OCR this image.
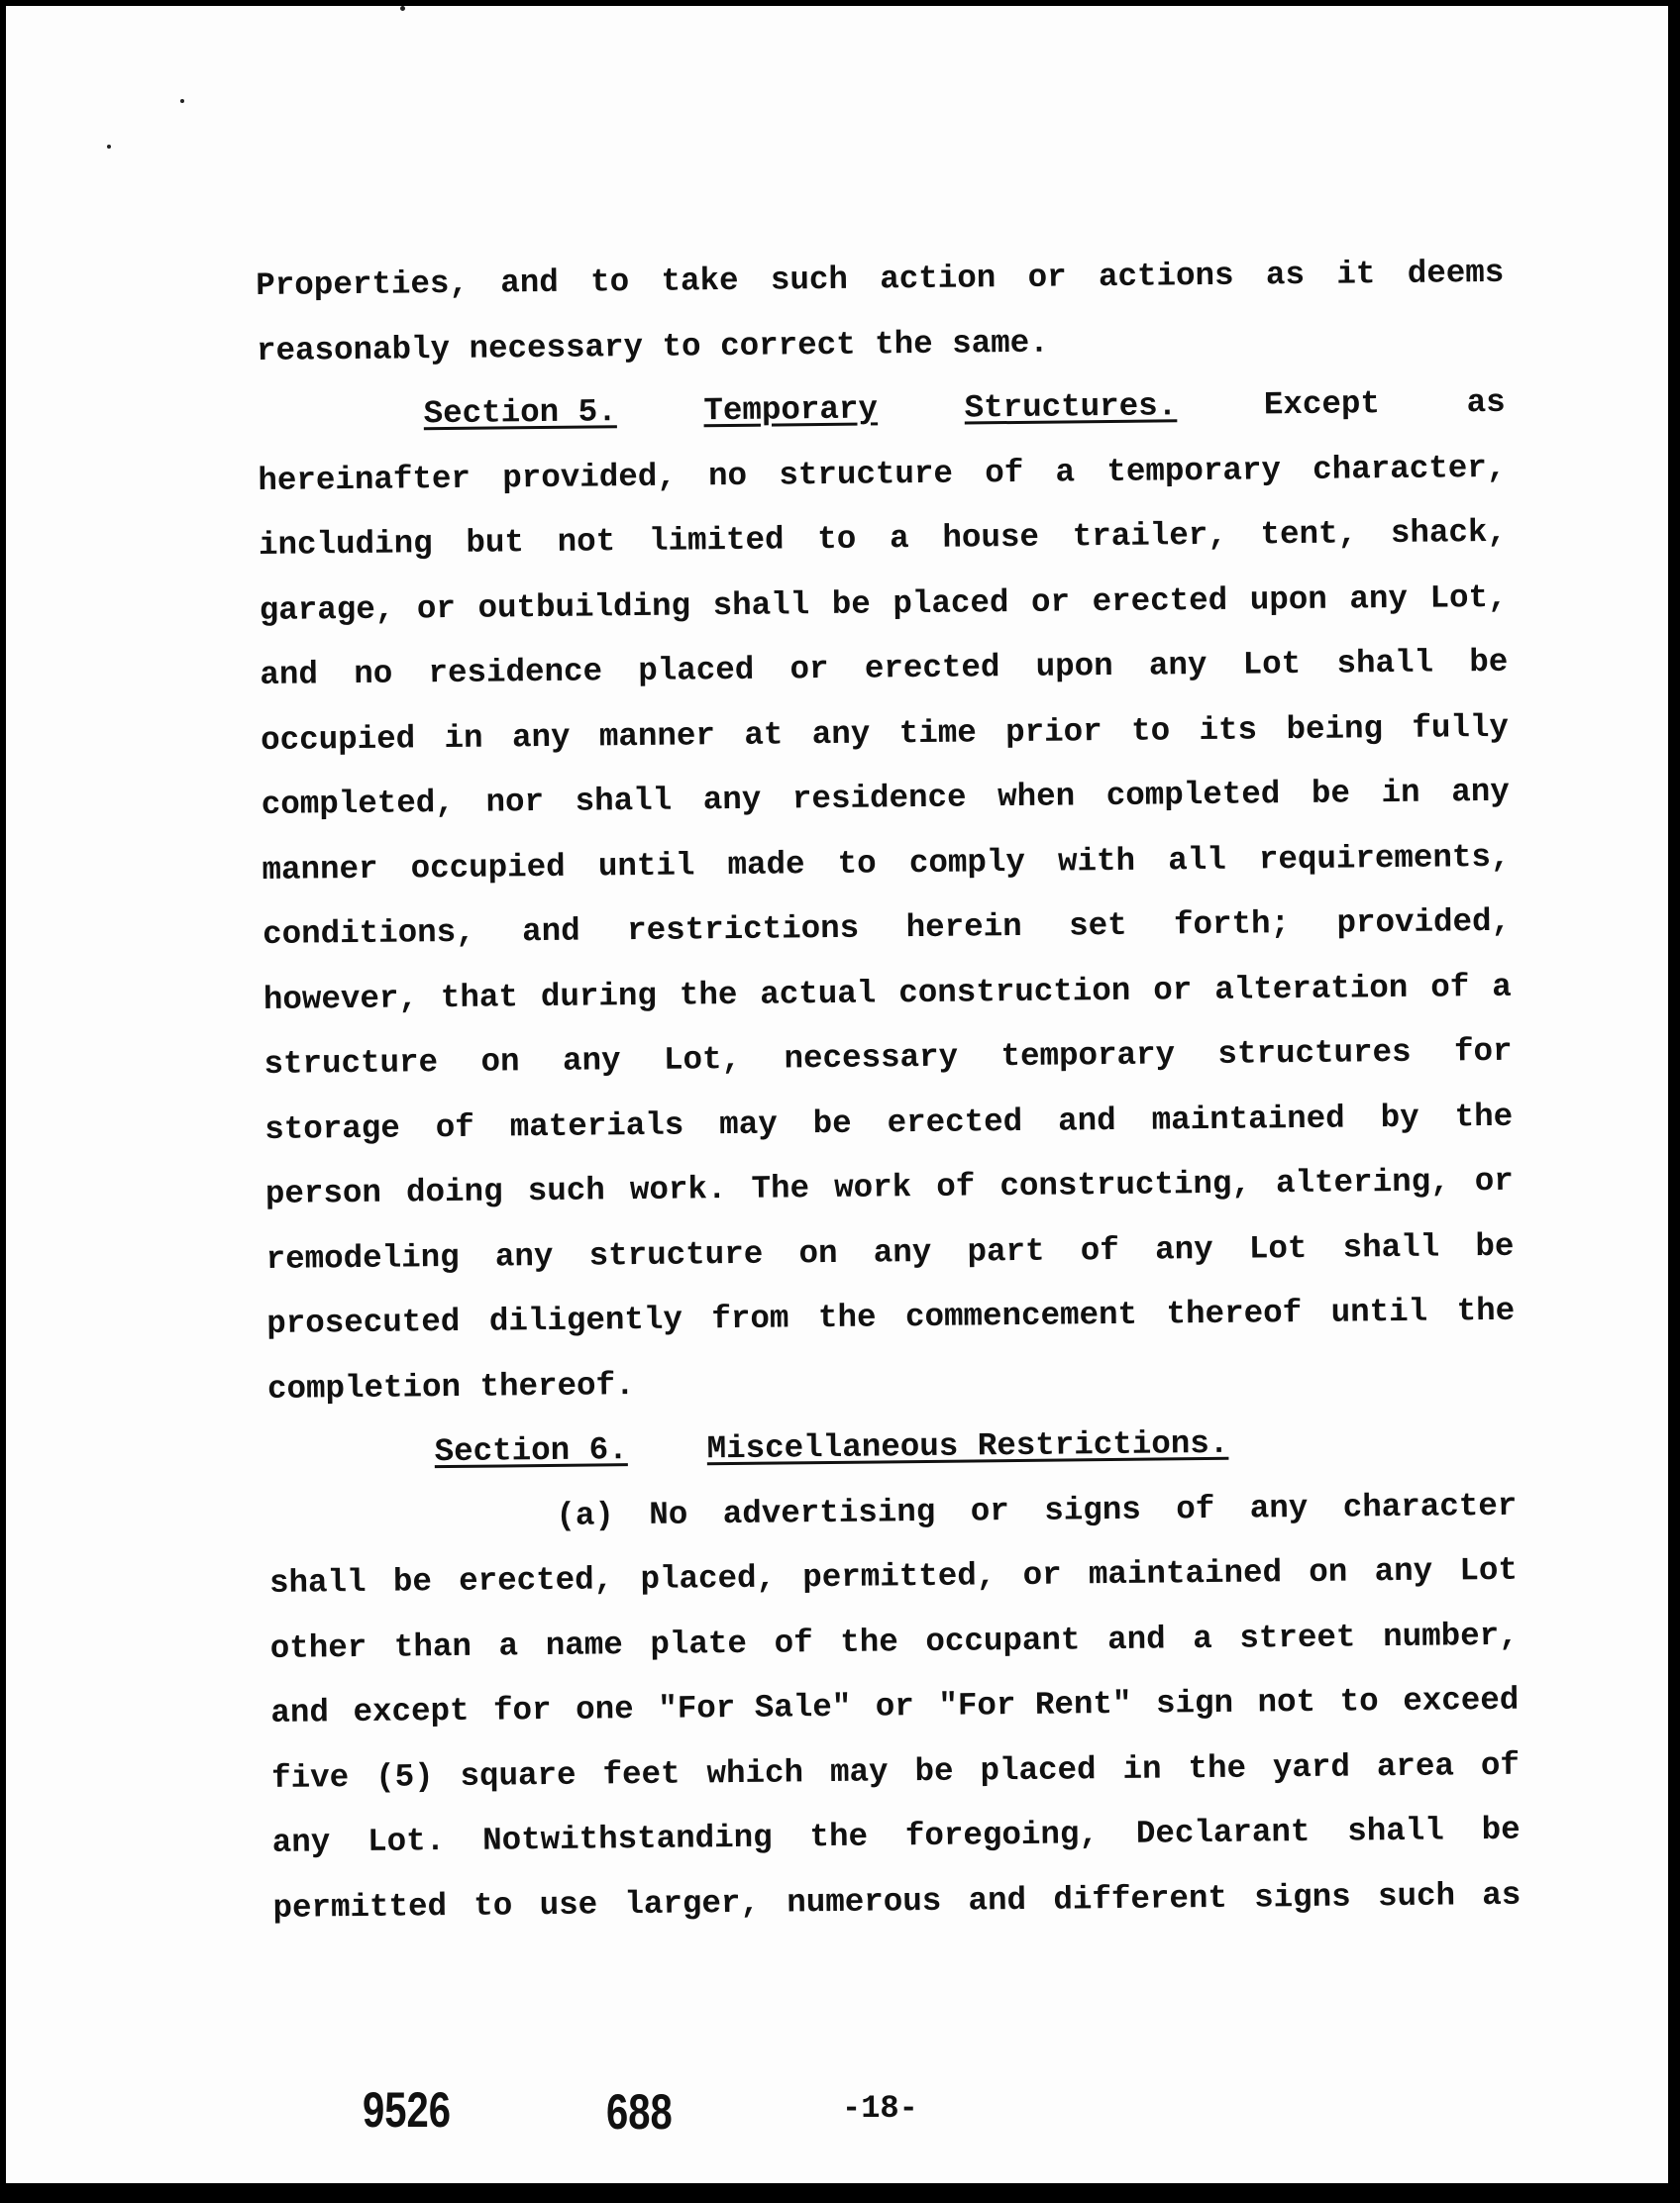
Properties, and to take such action or actions as it deems
reasonably necessary to correct the same.
Section 5.	Temporary	Structures.	Except	as
hereinafter provided, no structure of a temporary character,
including but not limited to a house trailer, tent, shack,
garage, or outbuilding shall be placed or erected upon any Lot,
and no residence placed or erected upon any Lot shall be
occupied in any manner at any time prior to its being fully
completed, nor shall any residence when completed be in any
manner occupied until made to comply with all requirements,
conditions, and restrictions herein set forth; provided,
however, that during the actual construction or alteration of a
structure on any Lot, necessary temporary structures for
storage of materials may be erected and maintained by the
person doing such work. The work of constructing, altering, or
remodeling any structure on any part of any Lot shall be
prosecuted diligently from the commencement thereof until the
completion thereof.
Section 6. Miscellaneous Restrictions.
(a) No advertising or signs of any character
shall be erected, placed, permitted, or maintained on any Lot
other than a name plate of the occupant and a street number,
and except for one "For Sale" or "For Rent" sign not to exceed
five (5) square feet which may be placed in the yard area of
any Lot. Notwithstanding the foregoing, Declarant shall be
permitted to use larger, numerous and different signs such as
9526	688	-18-
